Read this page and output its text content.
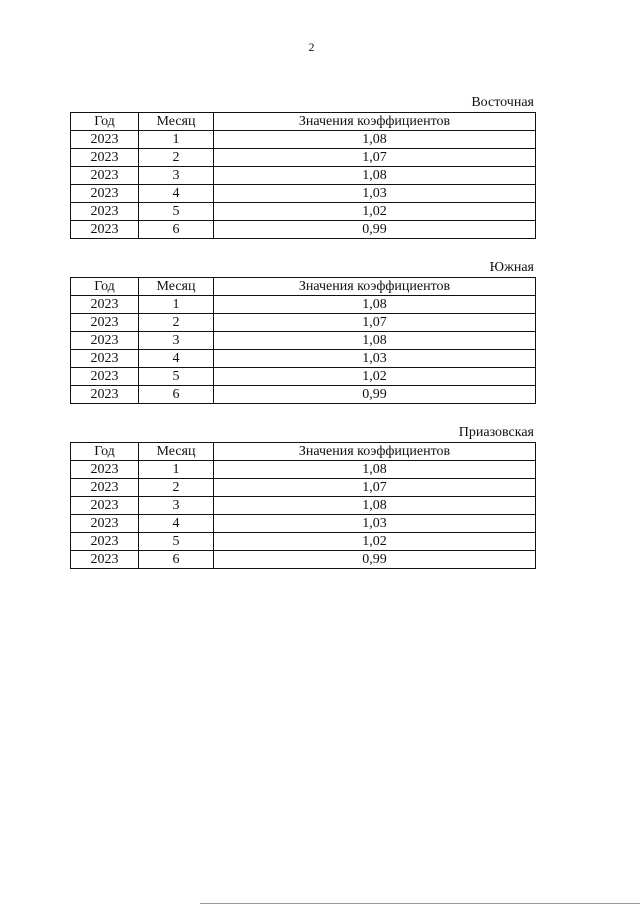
2
Восточная
Год	Месяц	Значения коэффициентов
2023	1	1,08
2023	2	1,07
2023	3	1,08
2023	4	1,03
2023	5	1,02
2023	6	0,99
Южная
Год	Месяц	Значения коэффициентов
2023	1	1,08
2023	2	1,07
2023	3	1,08
2023	4	1,03
2023	5	1,02
2023	6	0,99
Приазовская
Год	Месяц	Значения коэффициентов
2023	1	1,08
2023	2	1,07
2023	3	1,08
2023	4	1,03
2023	5	1,02
2023	6	0,99
